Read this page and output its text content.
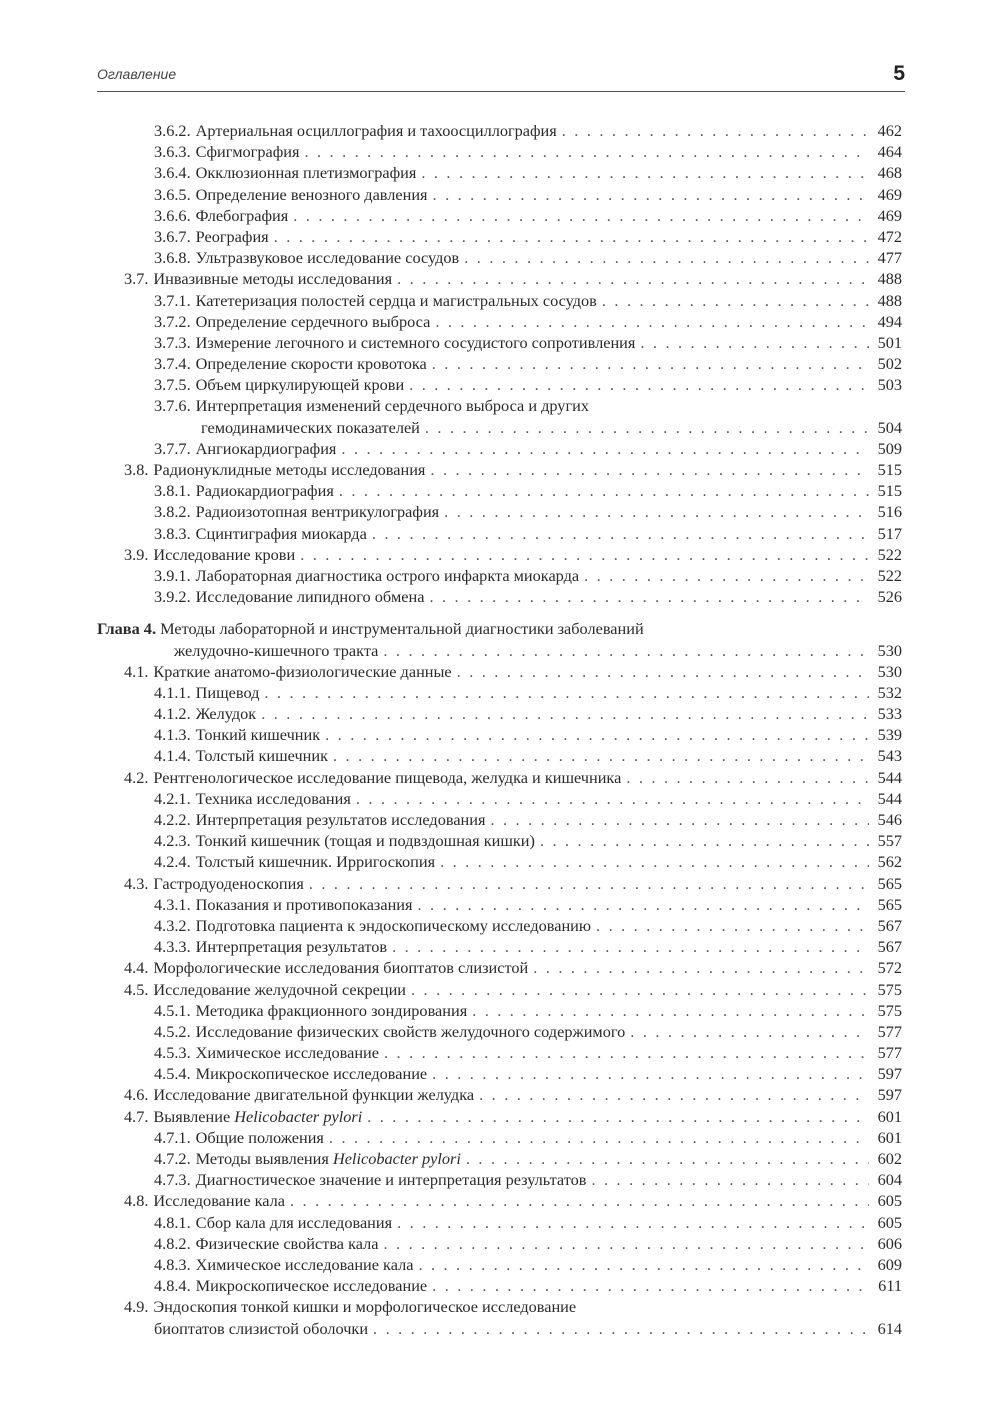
Оглавление	5
3.6.2. Артериальная осциллография и тахоосциллография . . .	462
3.6.3. Сфигмография . . .	464
3.6.4. Окклюзионная плетизмография . . .	468
3.6.5. Определение венозного давления . . .	469
3.6.6. Флебография . . .	469
3.6.7. Реография . . .	472
3.6.8. Ультразвуковое исследование сосудов . . .	477
3.7. Инвазивные методы исследования . . .	488
3.7.1. Катетеризация полостей сердца и магистральных сосудов . . .	488
3.7.2. Определение сердечного выброса . . .	494
3.7.3. Измерение легочного и системного сосудистого сопротивления . . .	501
3.7.4. Определение скорости кровотока . . .	502
3.7.5. Объем циркулирующей крови . . .	503
3.7.6. Интерпретация изменений сердечного выброса и других
гемодинамических показателей . . .	504
3.7.7. Ангиокардиография . . .	509
3.8. Радионуклидные методы исследования . . .	515
3.8.1. Радиокардиография . . .	515
3.8.2. Радиоизотопная вентрикулография . . .	516
3.8.3. Сцинтиграфия миокарда . . .	517
3.9. Исследование крови . . .	522
3.9.1. Лабораторная диагностика острого инфаркта миокарда . . .	522
3.9.2. Исследование липидного обмена . . .	526
Глава 4. Методы лабораторной и инструментальной диагностики заболеваний
желудочно-кишечного тракта . . .	530
4.1. Краткие анатомо-физиологические данные . . .	530
4.1.1. Пищевод . . .	532
4.1.2. Желудок . . .	533
4.1.3. Тонкий кишечник . . .	539
4.1.4. Толстый кишечник . . .	543
4.2. Рентгенологическое исследование пищевода, желудка и кишечника . . .	544
4.2.1. Техника исследования . . .	544
4.2.2. Интерпретация результатов исследования . . .	546
4.2.3. Тонкий кишечник (тощая и подвздошная кишки) . . .	557
4.2.4. Толстый кишечник. Ирригоскопия . . .	562
4.3. Гастродуоденоскопия . . .	565
4.3.1. Показания и противопоказания . . .	565
4.3.2. Подготовка пациента к эндоскопическому исследованию . . .	567
4.3.3. Интерпретация результатов . . .	567
4.4. Морфологические исследования биоптатов слизистой . . .	572
4.5. Исследование желудочной секреции . . .	575
4.5.1. Методика фракционного зондирования . . .	575
4.5.2. Исследование физических свойств желудочного содержимого . . .	577
4.5.3. Химическое исследование . . .	577
4.5.4. Микроскопическое исследование . . .	597
4.6. Исследование двигательной функции желудка . . .	597
4.7. Выявление Helicobacter pylori . . .	601
4.7.1. Общие положения . . .	601
4.7.2. Методы выявления Helicobacter pylori . . .	602
4.7.3. Диагностическое значение и интерпретация результатов . . .	604
4.8. Исследование кала . . .	605
4.8.1. Сбор кала для исследования . . .	605
4.8.2. Физические свойства кала . . .	606
4.8.3. Химическое исследование кала . . .	609
4.8.4. Микроскопическое исследование . . .	611
4.9. Эндоскопия тонкой кишки и морфологическое исследование
биоптатов слизистой оболочки . . .	614
